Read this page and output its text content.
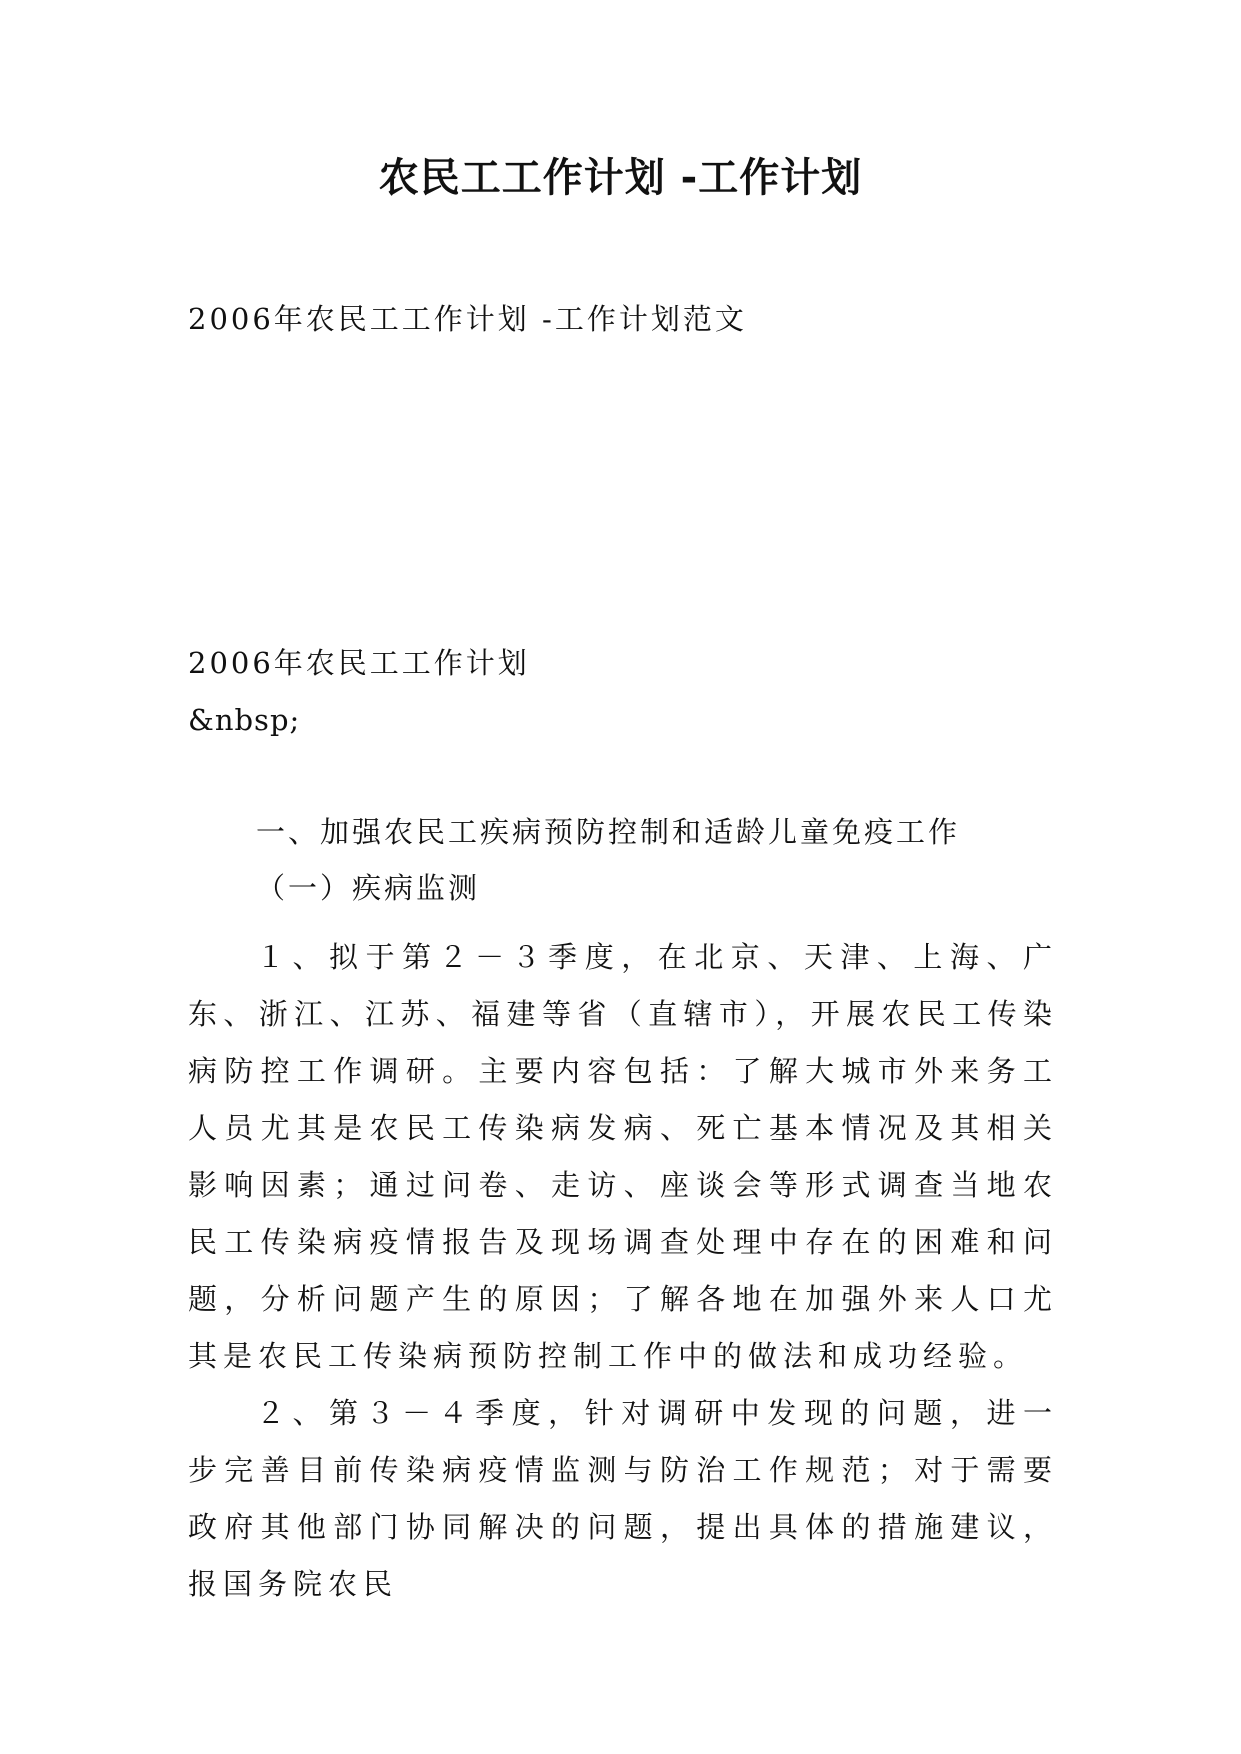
农民工工作计划 -工作计划

2006年农民工工作计划 -工作计划范文

2006年农民工工作计划

&nbsp;

一、加强农民工疾病预防控制和适龄儿童免疫工作

（一）疾病监测

１、拟于第２－３季度，在北京、天津、上海、广东、浙江、江苏、福建等省（直辖市），开展农民工传染病防控工作调研。主要内容包括：了解大城市外来务工人员尤其是农民工传染病发病、死亡基本情况及其相关影响因素；通过问卷、走访、座谈会等形式调查当地农民工传染病疫情报告及现场调查处理中存在的困难和问题，分析问题产生的原因；了解各地在加强外来人口尤其是农民工传染病预防控制工作中的做法和成功经验。

２、第３－４季度，针对调研中发现的问题，进一步完善目前传染病疫情监测与防治工作规范；对于需要政府其他部门协同解决的问题，提出具体的措施建议，报国务院农民
